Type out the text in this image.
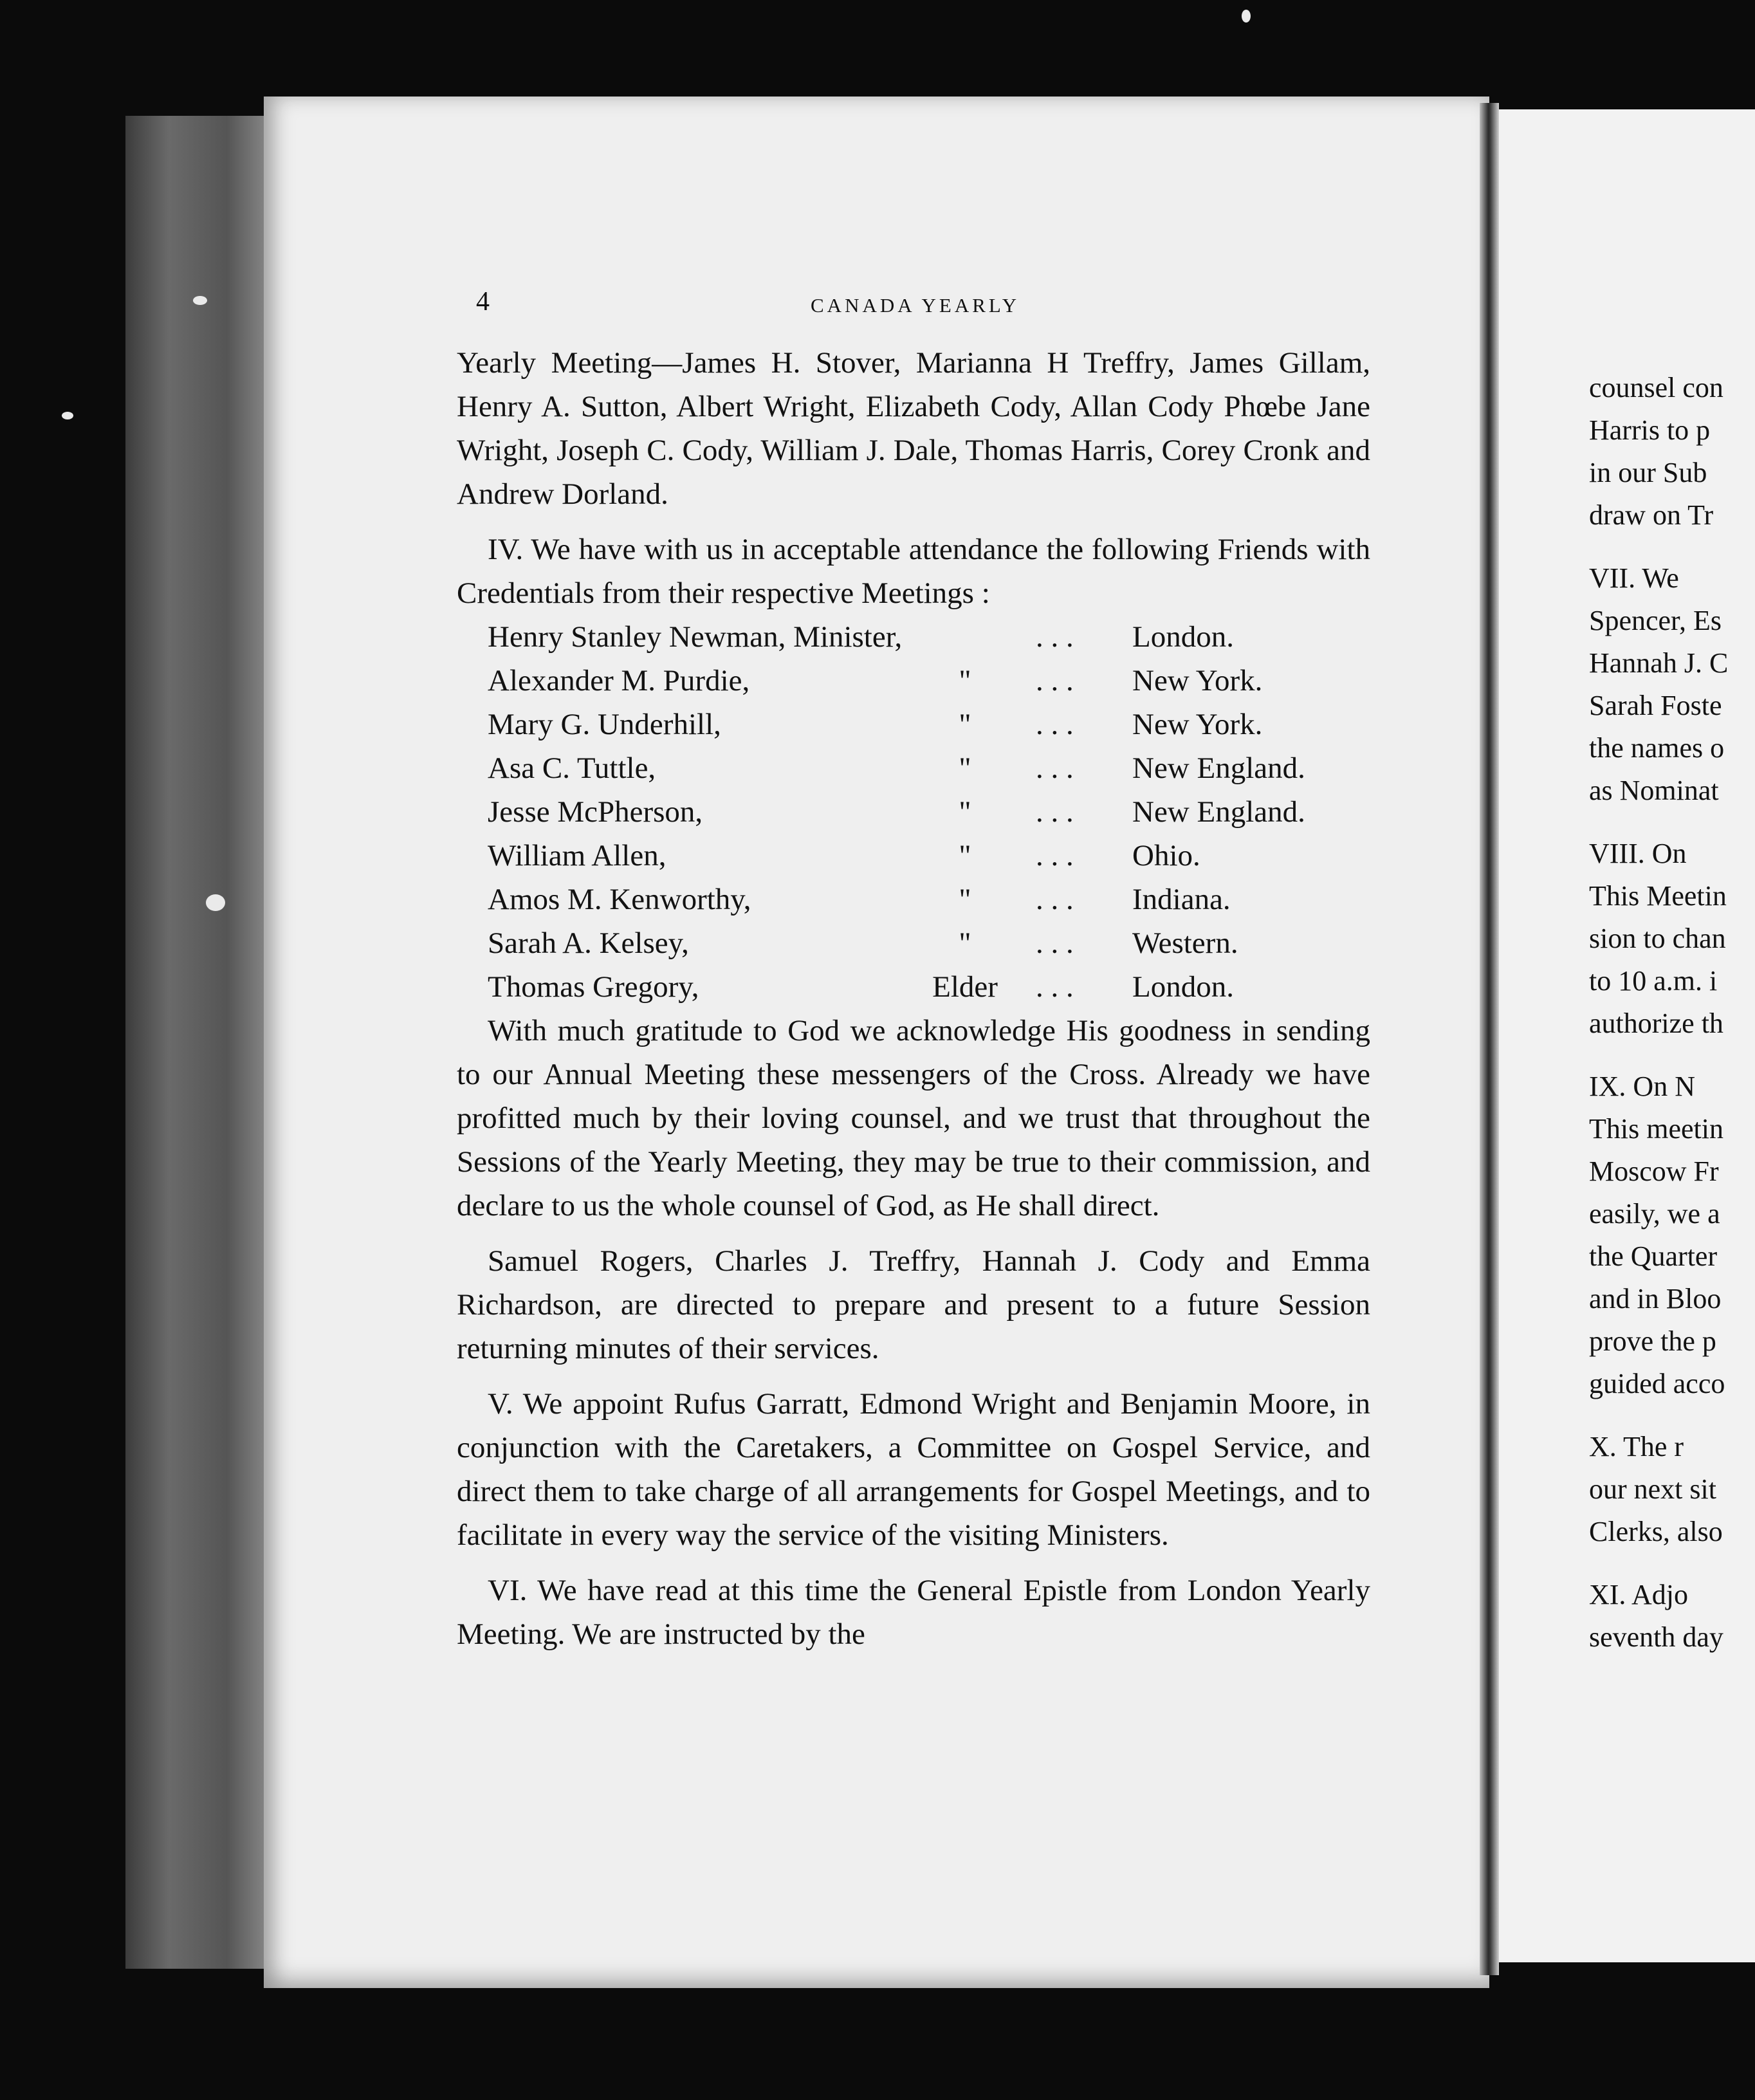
4	CANADA YEARLY

Yearly Meeting—James H. Stover, Marianna H Treffry, James Gillam, Henry A. Sutton, Albert Wright, Elizabeth Cody, Allan Cody Phœbe Jane Wright, Joseph C. Cody, William J. Dale, Thomas Harris, Corey Cronk and Andrew Dorland.

IV. We have with us in acceptable attendance the following Friends with Credentials from their respective Meetings :

Henry Stanley Newman, Minister,	. . . London.
Alexander M. Purdie,	"	. . . New York.
Mary G. Underhill,	"	. . . New York.
Asa C. Tuttle,	"	. . . New England.
Jesse McPherson,	"	. . . New England.
William Allen,	"	. . . Ohio.
Amos M. Kenworthy,	"	. . . Indiana.
Sarah A. Kelsey,	"	. . . Western.
Thomas Gregory,	Elder	. . . London.

With much gratitude to God we acknowledge His goodness in sending to our Annual Meeting these messengers of the Cross. Already we have profitted much by their loving counsel, and we trust that throughout the Sessions of the Yearly Meeting, they may be true to their commission, and declare to us the whole counsel of God, as He shall direct.

Samuel Rogers, Charles J. Treffry, Hannah J. Cody and Emma Richardson, are directed to prepare and present to a future Session returning minutes of their services.

V. We appoint Rufus Garratt, Edmond Wright and Benjamin Moore, in conjunction with the Caretakers, a Committee on Gospel Service, and direct them to take charge of all arrangements for Gospel Meetings, and to facilitate in every way the service of the visiting Ministers.

VI. We have read at this time the General Epistle from London Yearly Meeting. We are instructed by the

counsel con
Harris to p
in our Sub
draw on Tr
VII. We
Spencer, Es
Hannah J. C
Sarah Foste
the names o
as Nominat
VIII. On
This Meetin
sion to chan
to 10 a.m. i
authorize th
IX. On N
This meetin
Moscow Fr
easily, we a
the Quarter
and in Bloo
prove the p
guided acco
X. The r
our next sit
Clerks, also
XI. Adjo
seventh day
